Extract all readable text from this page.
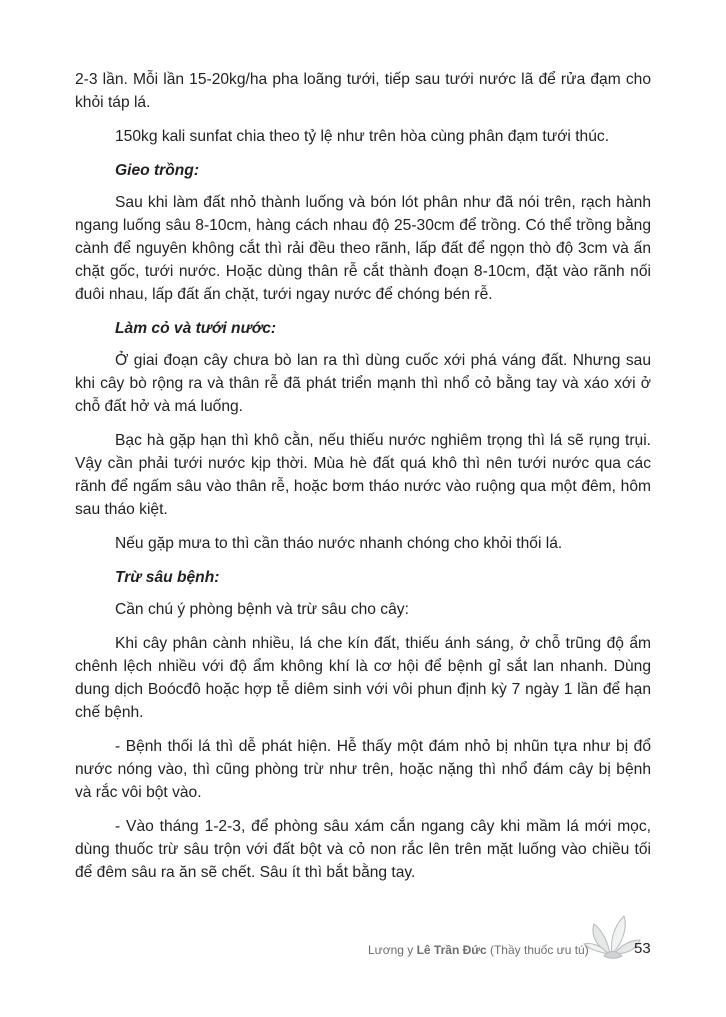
2-3 lần. Mỗi lần 15-20kg/ha pha loãng tưới, tiếp sau tưới nước lã để rửa đạm cho khỏi táp lá.

150kg kali sunfat chia theo tỷ lệ như trên hòa cùng phân đạm tưới thúc.

Gieo trồng:

Sau khi làm đất nhỏ thành luống và bón lót phân như đã nói trên, rạch hành ngang luống sâu 8-10cm, hàng cách nhau độ 25-30cm để trồng. Có thể trồng bằng cành để nguyên không cắt thì rải đều theo rãnh, lấp đất để ngọn thò độ 3cm và ấn chặt gốc, tưới nước. Hoặc dùng thân rễ cắt thành đoạn 8-10cm, đặt vào rãnh nối đuôi nhau, lấp đất ấn chặt, tưới ngay nước để chóng bén rễ.

Làm cỏ và tưới nước:

Ở giai đoạn cây chưa bò lan ra thì dùng cuốc xới phá váng đất. Nhưng sau khi cây bò rộng ra và thân rễ đã phát triển mạnh thì nhổ cỏ bằng tay và xáo xới ở chỗ đất hở và má luống.

Bạc hà gặp hạn thì khô cằn, nếu thiếu nước nghiêm trọng thì lá sẽ rụng trụi. Vậy cần phải tưới nước kịp thời. Mùa hè đất quá khô thì nên tưới nước qua các rãnh để ngấm sâu vào thân rễ, hoặc bơm tháo nước vào ruộng qua một đêm, hôm sau tháo kiệt.

Nếu gặp mưa to thì cần tháo nước nhanh chóng cho khỏi thối lá.

Trừ sâu bệnh:

Cần chú ý phòng bệnh và trừ sâu cho cây:

Khi cây phân cành nhiều, lá che kín đất, thiếu ánh sáng, ở chỗ trũng độ ẩm chênh lệch nhiều với độ ẩm không khí là cơ hội để bệnh gỉ sắt lan nhanh. Dùng dung dịch Boócđô hoặc hợp tễ diêm sinh với vôi phun định kỳ 7 ngày 1 lần để hạn chế bệnh.

- Bệnh thối lá thì dễ phát hiện. Hễ thấy một đám nhỏ bị nhũn tựa như bị đổ nước nóng vào, thì cũng phòng trừ như trên, hoặc nặng thì nhổ đám cây bị bệnh và rắc vôi bột vào.

- Vào tháng 1-2-3, để phòng sâu xám cắn ngang cây khi mầm lá mới mọc, dùng thuốc trừ sâu trộn với đất bột và cỏ non rắc lên trên mặt luống vào chiều tối để đêm sâu ra ăn sẽ chết. Sâu ít thì bắt bằng tay.

Lương y Lê Trần Đức (Thầy thuốc ưu tú)	53
